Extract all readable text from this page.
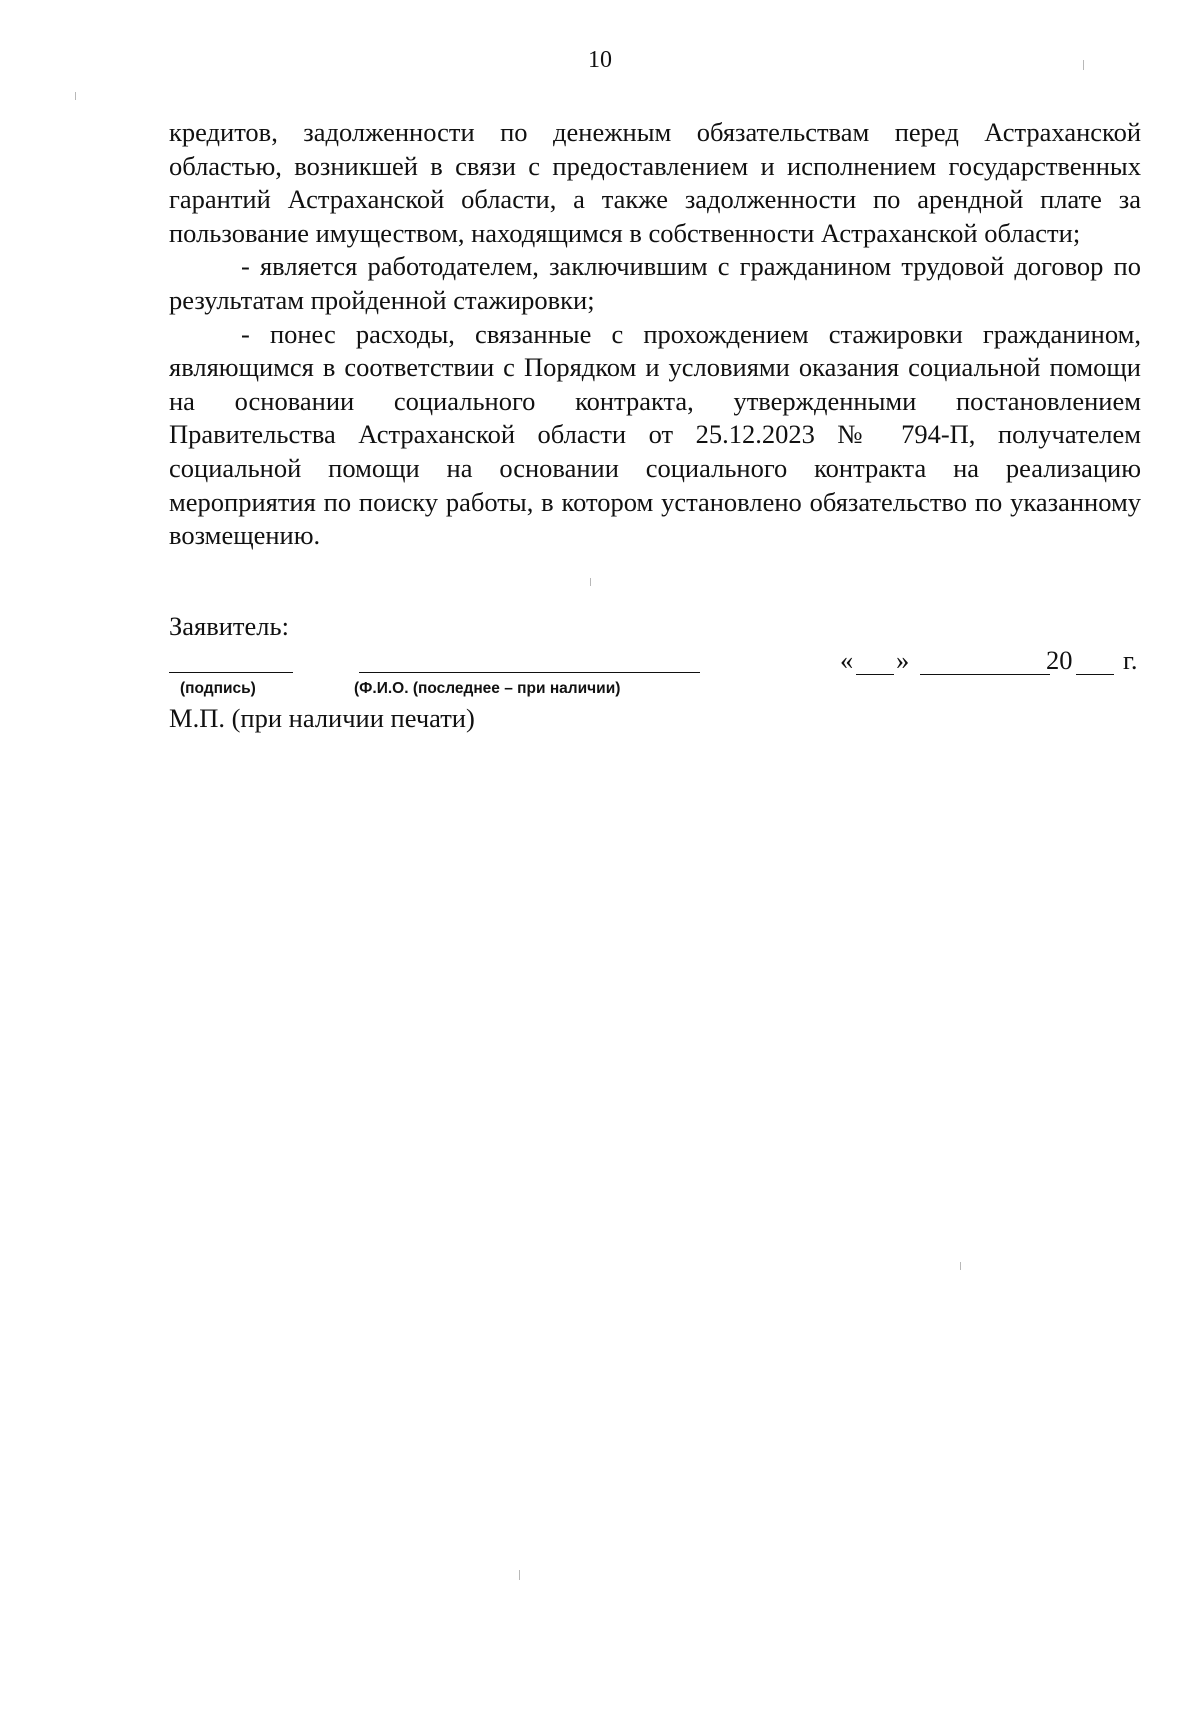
10

кредитов, задолженности по денежным обязательствам перед Астраханской областью, возникшей в связи с предоставлением и исполнением государственных гарантий Астраханской области, а также задолженности по арендной плате за пользование имуществом, находящимся в собственности Астраханской области;

- является работодателем, заключившим с гражданином трудовой договор по результатам пройденной стажировки;

- понес расходы, связанные с прохождением стажировки гражданином, являющимся в соответствии с Порядком и условиями оказания социальной помощи на основании социального контракта, утвержденными постановлением Правительства Астраханской области от 25.12.2023 № 794-П, получателем социальной помощи на основании социального контракта на реализацию мероприятия по поиску работы, в котором установлено обязательство по указанному возмещению.

Заявитель:
(подпись)	(Ф.И.О. (последнее – при наличии)
« »	20 г.
М.П. (при наличии печати)
